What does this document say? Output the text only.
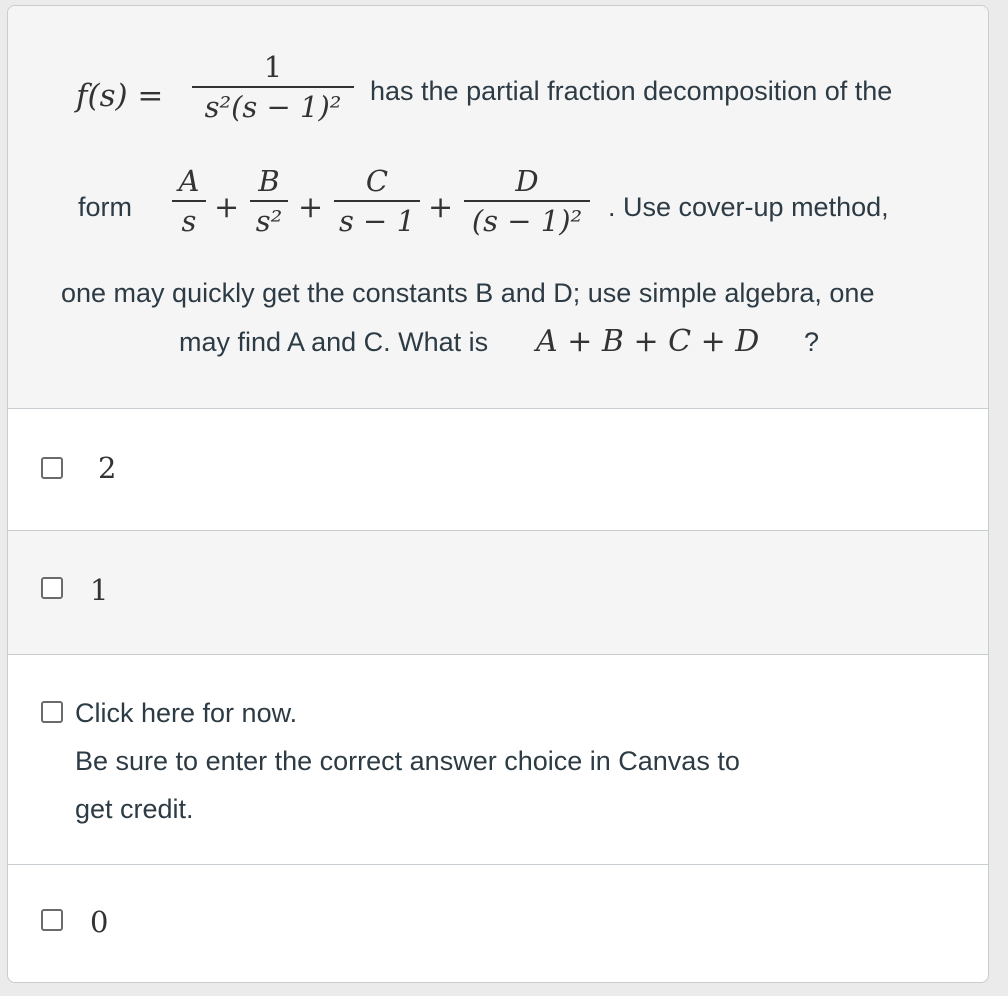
f(s) =
1
s²(s − 1)²	has the partial fraction decomposition of the
form
A
s +
B
s² +
C
s − 1 +
D
(s − 1)² . Use cover-up method,
one may quickly get the constants B and D; use simple algebra, one
may find A and C. What is A + B + C + D ?
2
1
Click here for now.
Be sure to enter the correct answer choice in Canvas to
get credit.
0
